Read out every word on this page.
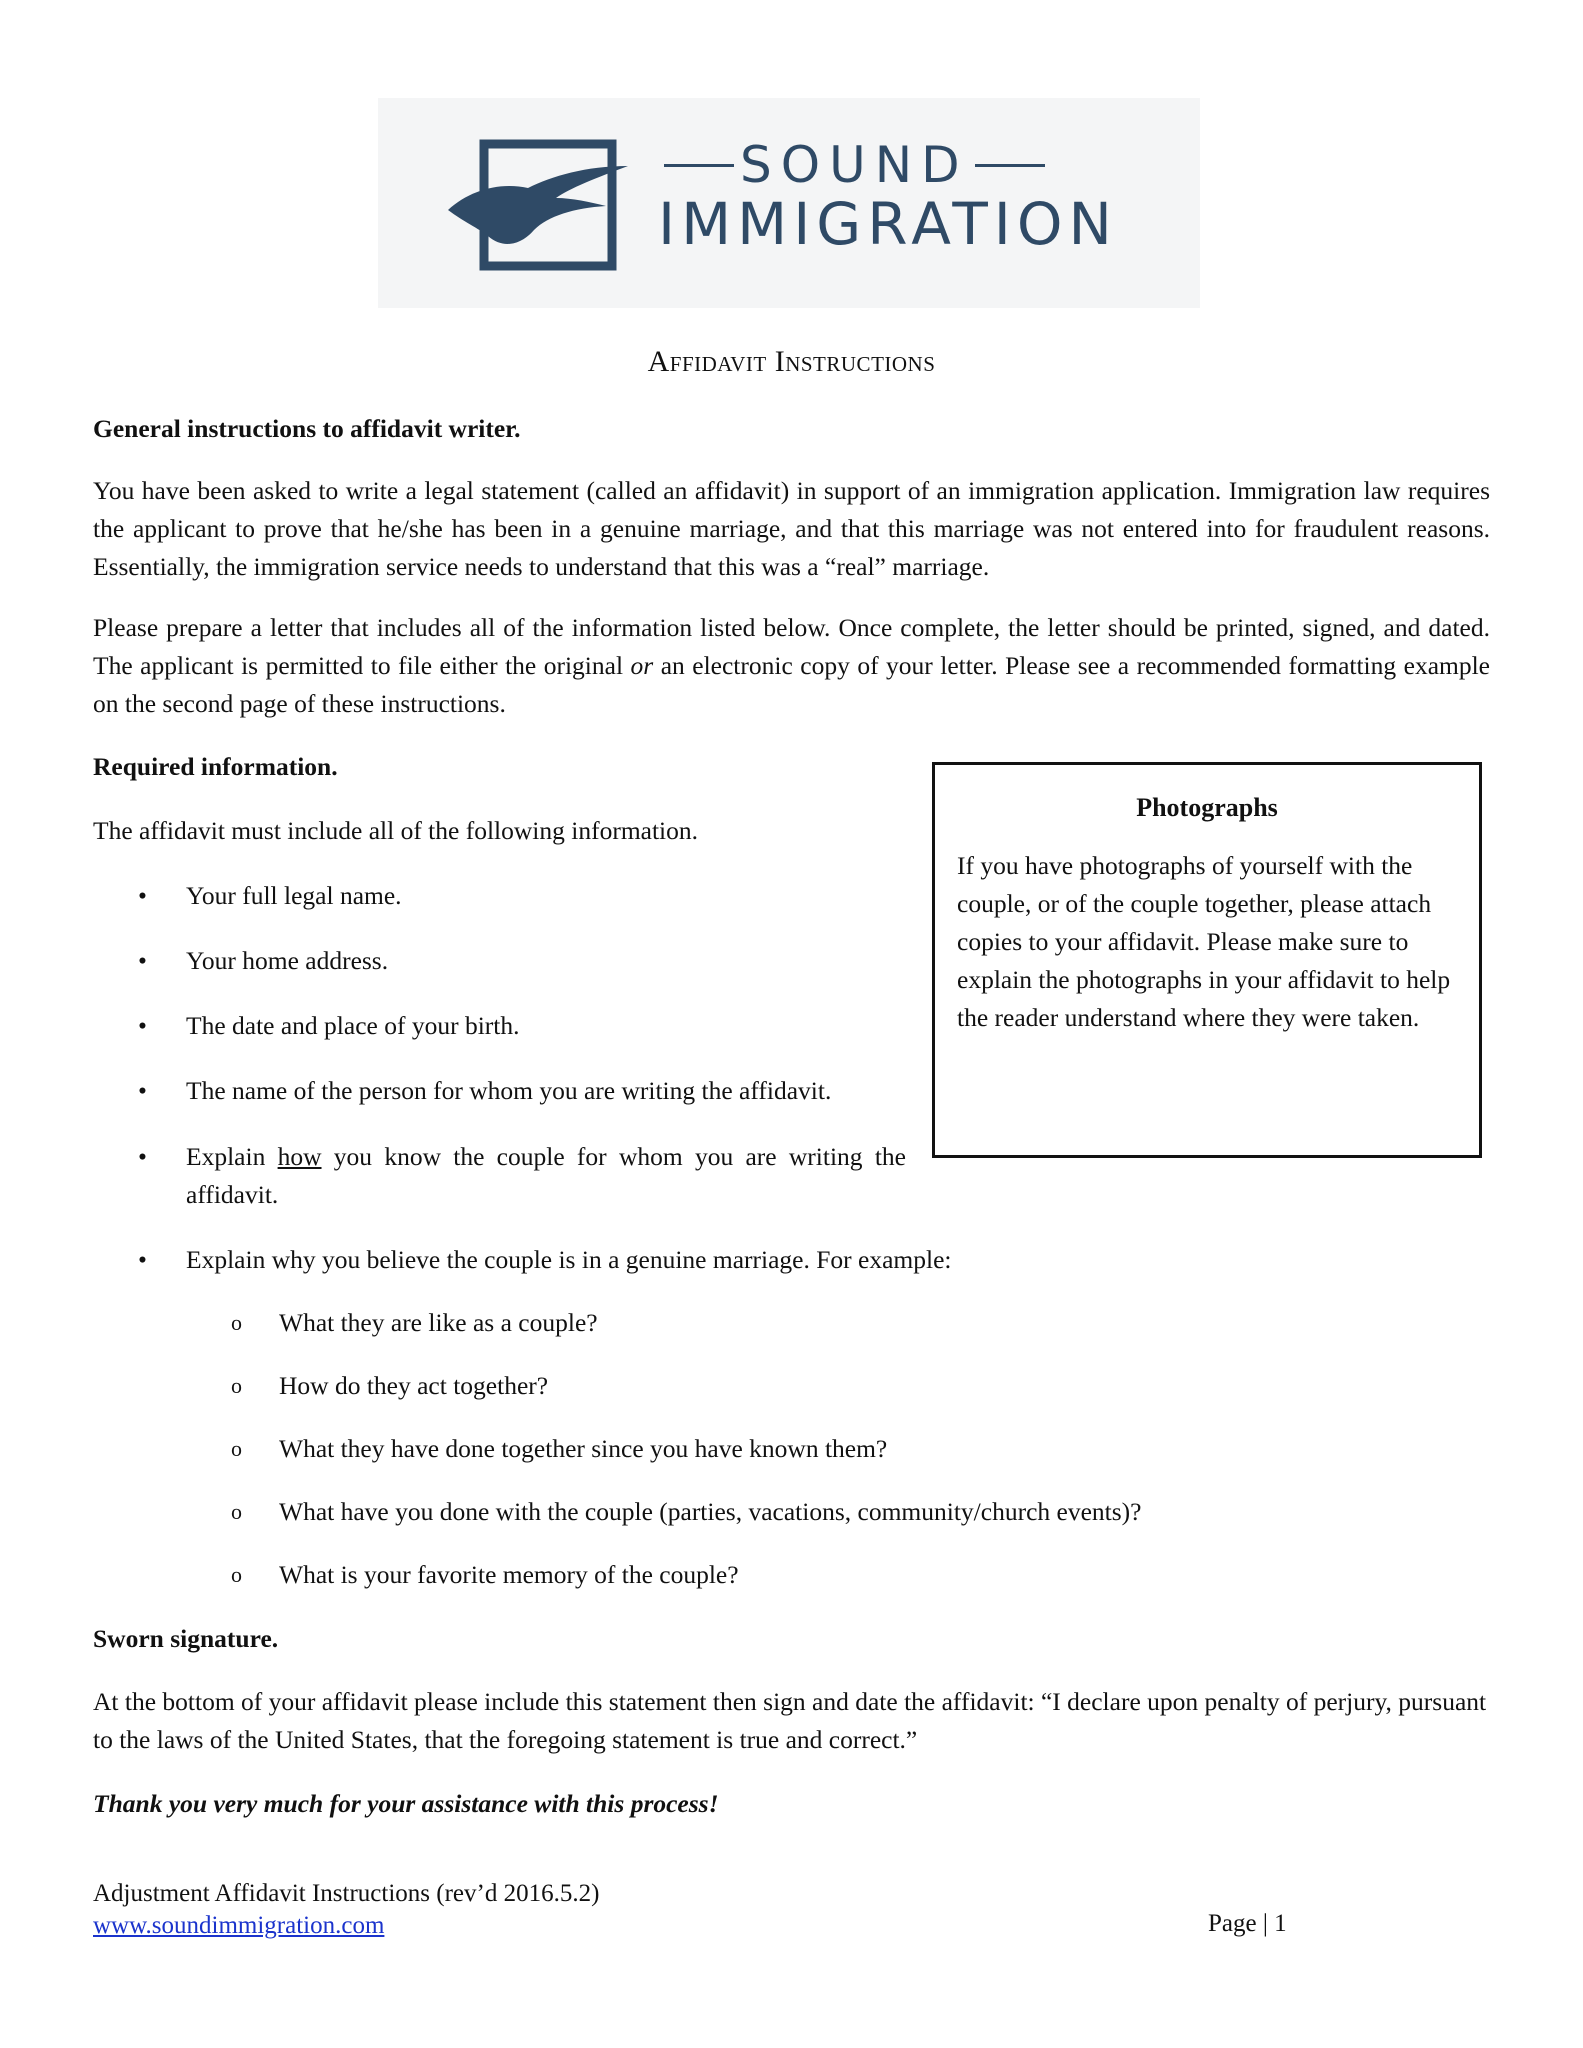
SOUND
IMMIGRATION
Affidavit Instructions
General instructions to affidavit writer.
You have been asked to write a legal statement (called an affidavit) in support of an immigration application. Immigration law requires the applicant to prove that he/she has been in a genuine marriage, and that this marriage was not entered into for fraudulent reasons. Essentially, the immigration service needs to understand that this was a “real” marriage.
Please prepare a letter that includes all of the information listed below. Once complete, the letter should be printed, signed, and dated. The applicant is permitted to file either the original or an electronic copy of your letter. Please see a recommended formatting example on the second page of these instructions.
Required information.
The affidavit must include all of the following information.
• Your full legal name.
• Your home address.
• The date and place of your birth.
• The name of the person for whom you are writing the affidavit.
• Explain how you know the couple for whom you are writing the affidavit.
• Explain why you believe the couple is in a genuine marriage. For example:
o What they are like as a couple?
o How do they act together?
o What they have done together since you have known them?
o What have you done with the couple (parties, vacations, community/church events)?
o What is your favorite memory of the couple?
Photographs
If you have photographs of yourself with the couple, or of the couple together, please attach copies to your affidavit. Please make sure to explain the photographs in your affidavit to help the reader understand where they were taken.
Sworn signature.
At the bottom of your affidavit please include this statement then sign and date the affidavit: “I declare upon penalty of perjury, pursuant to the laws of the United States, that the foregoing statement is true and correct.”
Thank you very much for your assistance with this process!
Adjustment Affidavit Instructions (rev’d 2016.5.2)
www.soundimmigration.com	Page | 1
